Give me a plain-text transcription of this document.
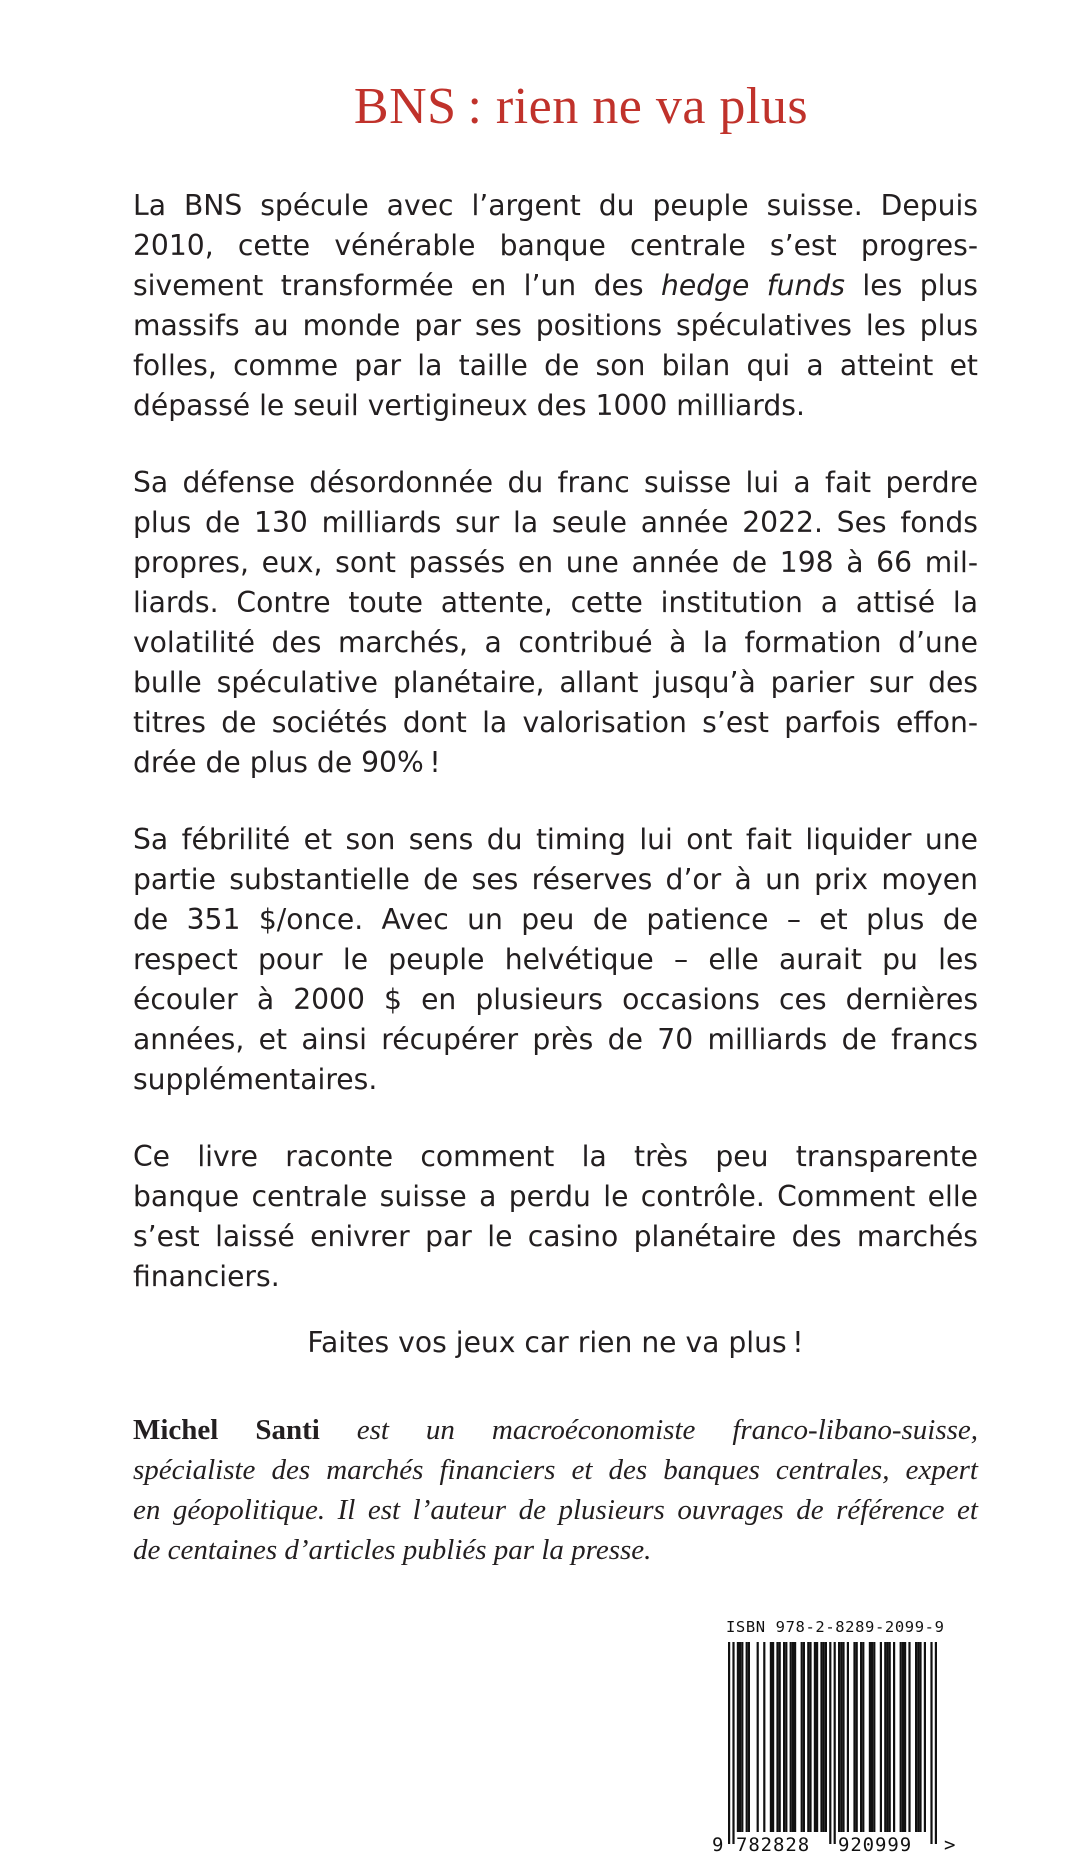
BNS : rien ne va plus
La BNS spécule avec l’argent du peuple suisse. Depuis
2010, cette vénérable banque centrale s’est progres-
sivement transformée en l’un des hedge funds les plus
massifs au monde par ses positions spéculatives les plus
folles, comme par la taille de son bilan qui a atteint et
dépassé le seuil vertigineux des 1000 milliards.
Sa défense désordonnée du franc suisse lui a fait perdre
plus de 130 milliards sur la seule année 2022. Ses fonds
propres, eux, sont passés en une année de 198 à 66 mil-
liards. Contre toute attente, cette institution a attisé la
volatilité des marchés, a contribué à la formation d’une
bulle spéculative planétaire, allant jusqu’à parier sur des
titres de sociétés dont la valorisation s’est parfois effon-
drée de plus de 90% !
Sa fébrilité et son sens du timing lui ont fait liquider une
partie substantielle de ses réserves d’or à un prix moyen
de 351 $/once. Avec un peu de patience – et plus de
respect pour le peuple helvétique – elle aurait pu les
écouler à 2000 $ en plusieurs occasions ces dernières
années, et ainsi récupérer près de 70 milliards de francs
supplémentaires.
Ce livre raconte comment la très peu transparente
banque centrale suisse a perdu le contrôle. Comment elle
s’est laissé enivrer par le casino planétaire des marchés
financiers.
Faites vos jeux car rien ne va plus !
Michel Santi est un macroéconomiste franco-libano-suisse,
spécialiste des marchés financiers et des banques centrales, expert
en géopolitique. Il est l’auteur de plusieurs ouvrages de référence et
de centaines d’articles publiés par la presse.
ISBN 978-2-8289-2099-9
9 782828 920999 >
